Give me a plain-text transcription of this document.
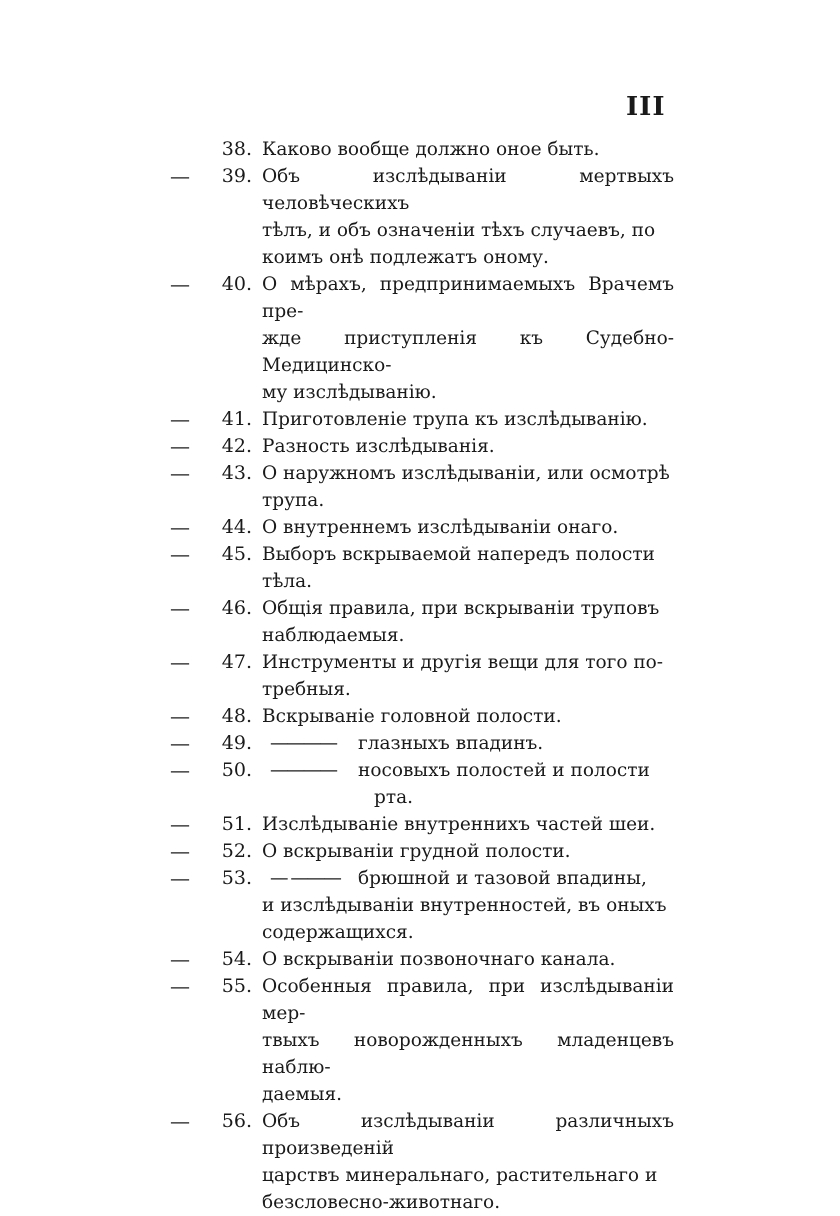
III
38. Каково вообще должно оное быть.
—	39. Объ изслѣдываніи мертвыхъ человѣческихъ
тѣлъ, и объ означеніи тѣхъ случаевъ, по
коимъ онѣ подлежатъ оному.
—	40. О мѣрахъ, предпринимаемыхъ Врачемъ пре-
жде приступленія къ Судебно-Медицинско-
му изслѣдыванію.
—	41. Приготовленіе трупа къ изслѣдыванію.
—	42. Разность изслѣдыванія.
—	43. О наружномъ изслѣдываніи, или осмотрѣ
трупа.
—	44. О внутреннемъ изслѣдываніи онаго.
—	45. Выборъ вскрываемой напередъ полости
тѣла.
—	46. Общія правила, при вскрываніи труповъ
наблюдаемыя.
—	47. Инструменты и другія вещи для того по-
требныя.
—	48. Вскрываніе головной полости.
—	49. ———— глазныхъ впадинъ.
—	50. ———— носовыхъ полостей и полости
рта.
—	51. Изслѣдываніе внутреннихъ частей шеи.
—	52. О вскрываніи грудной полости.
—	53. — ——— брюшной и тазовой впадины,
и изслѣдываніи внутренностей, въ оныхъ
содержащихся.
—	54. О вскрываніи позвоночнаго канала.
—	55. Особенныя правила, при изслѣдываніи мер-
твыхъ новорожденныхъ младенцевъ наблю-
даемыя.
—	56. Объ изслѣдываніи различныхъ произведеній
царствъ минеральнаго, растительнаго и
безсловесно-животнаго.
